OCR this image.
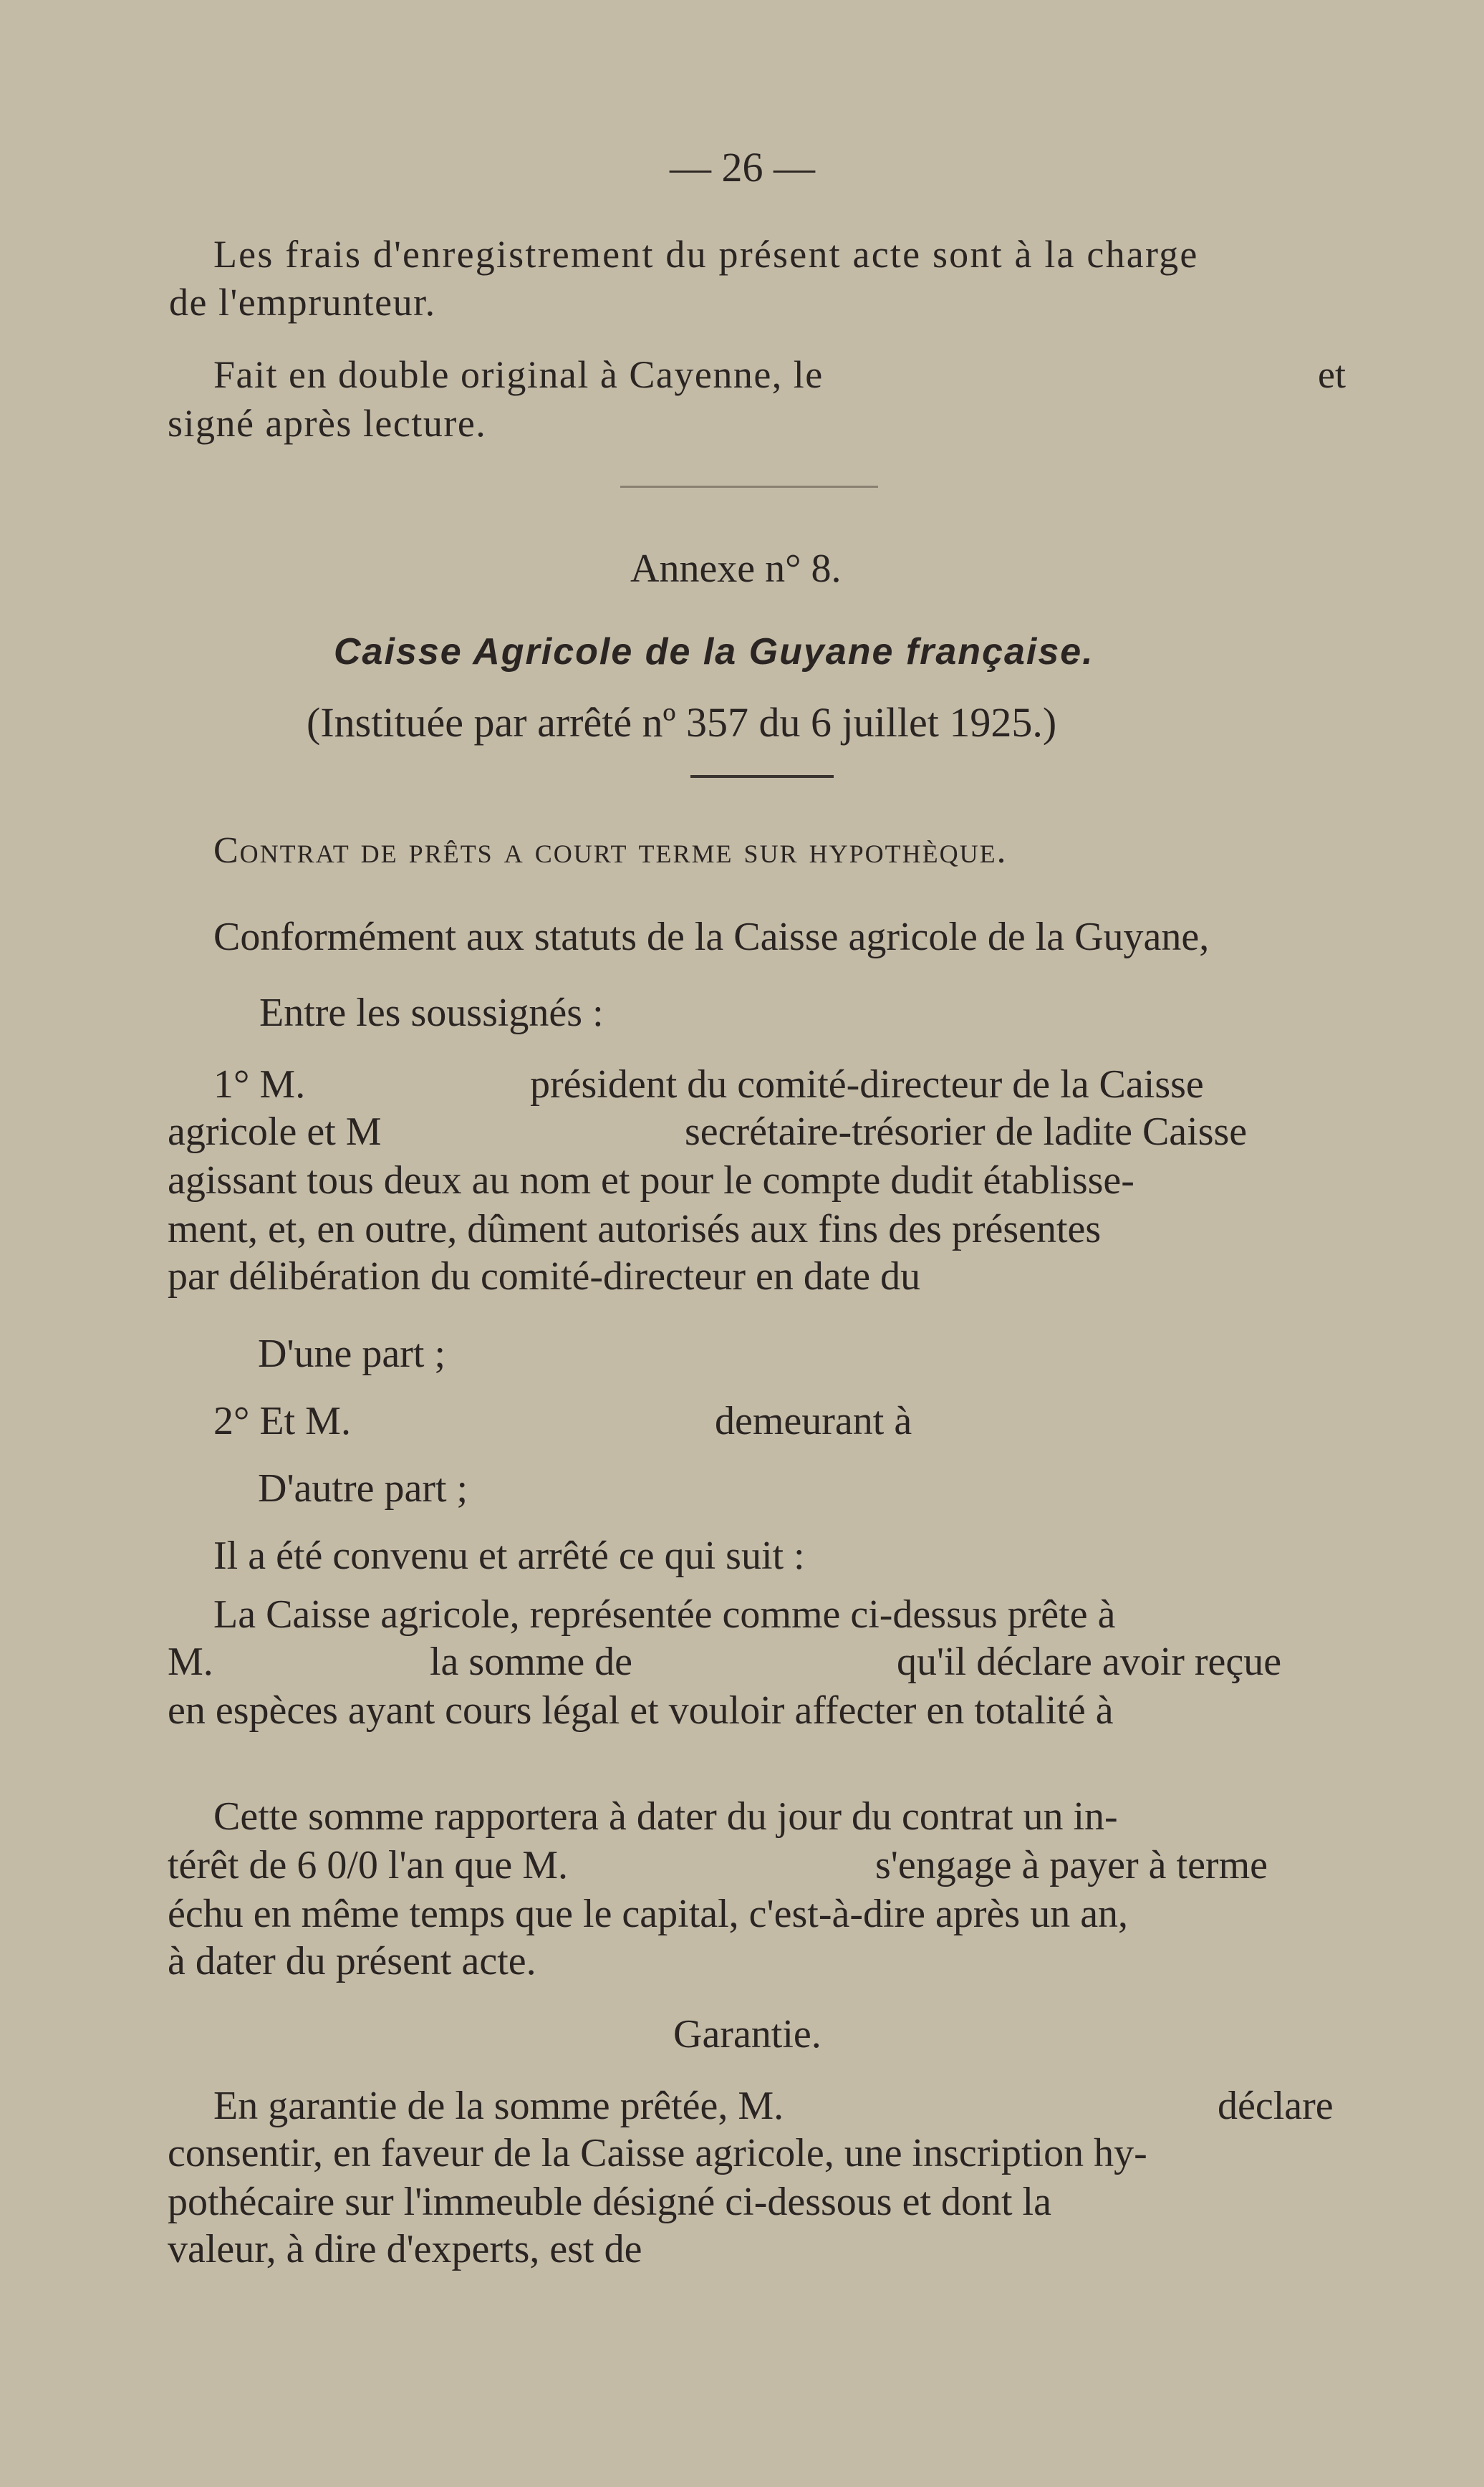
— 26 —
Les frais d'enregistrement du présent acte sont à la charge
de l'emprunteur.
Fait en double original à Cayenne, le	et
signé après lecture.
Annexe n° 8.
Caisse Agricole de la Guyane française.
(Instituée par arrêté nº 357 du 6 juillet 1925.)
Contrat de prêts a court terme sur hypothèque.
Conformément aux statuts de la Caisse agricole de la Guyane,
Entre les soussignés :
1° M.	président du comité-directeur de la Caisse
agricole et M	secrétaire-trésorier de ladite Caisse
agissant tous deux au nom et pour le compte dudit établisse-
ment, et, en outre, dûment autorisés aux fins des présentes
par délibération du comité-directeur en date du
D'une part ;
2° Et M.	demeurant à
D'autre part ;
Il a été convenu et arrêté ce qui suit :
La Caisse agricole, représentée comme ci-dessus prête à
M.	la somme de	qu'il déclare avoir reçue
en espèces ayant cours légal et vouloir affecter en totalité à
Cette somme rapportera à dater du jour du contrat un in-
térêt de 6 0/0 l'an que M.	s'engage à payer à terme
échu en même temps que le capital, c'est-à-dire après un an,
à dater du présent acte.
Garantie.
En garantie de la somme prêtée, M.	déclare
consentir, en faveur de la Caisse agricole, une inscription hy-
pothécaire sur l'immeuble désigné ci-dessous et dont la
valeur, à dire d'experts, est de
